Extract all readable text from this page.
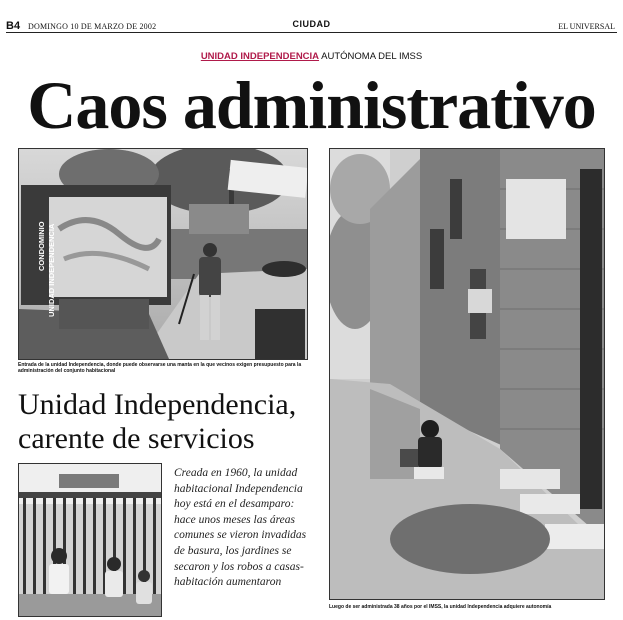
B4 DOMINGO 10 DE MARZO DE 2002	CIUDAD	EL UNIVERSAL
UNIDAD INDEPENDENCIA AUTÓNOMA DEL IMSS
Caos administrativo
CONDOMINIO UNIDAD INDEPENDENCIA
Entrada de la unidad Independencia, donde puede observarse una manta en la que vecinos exigen presupuesto para la administración del conjunto habitacional
Unidad Independencia,
carente de servicios
Creada en 1960, la unidad habitacional Independencia hoy está en el desamparo: hace unos meses las áreas comunes se vieron invadidas de basura, los jardines se secaron y los robos a casas-habitación aumentaron
Luego de ser administrada 38 años por el IMSS, la unidad Independencia adquiere autonomía
